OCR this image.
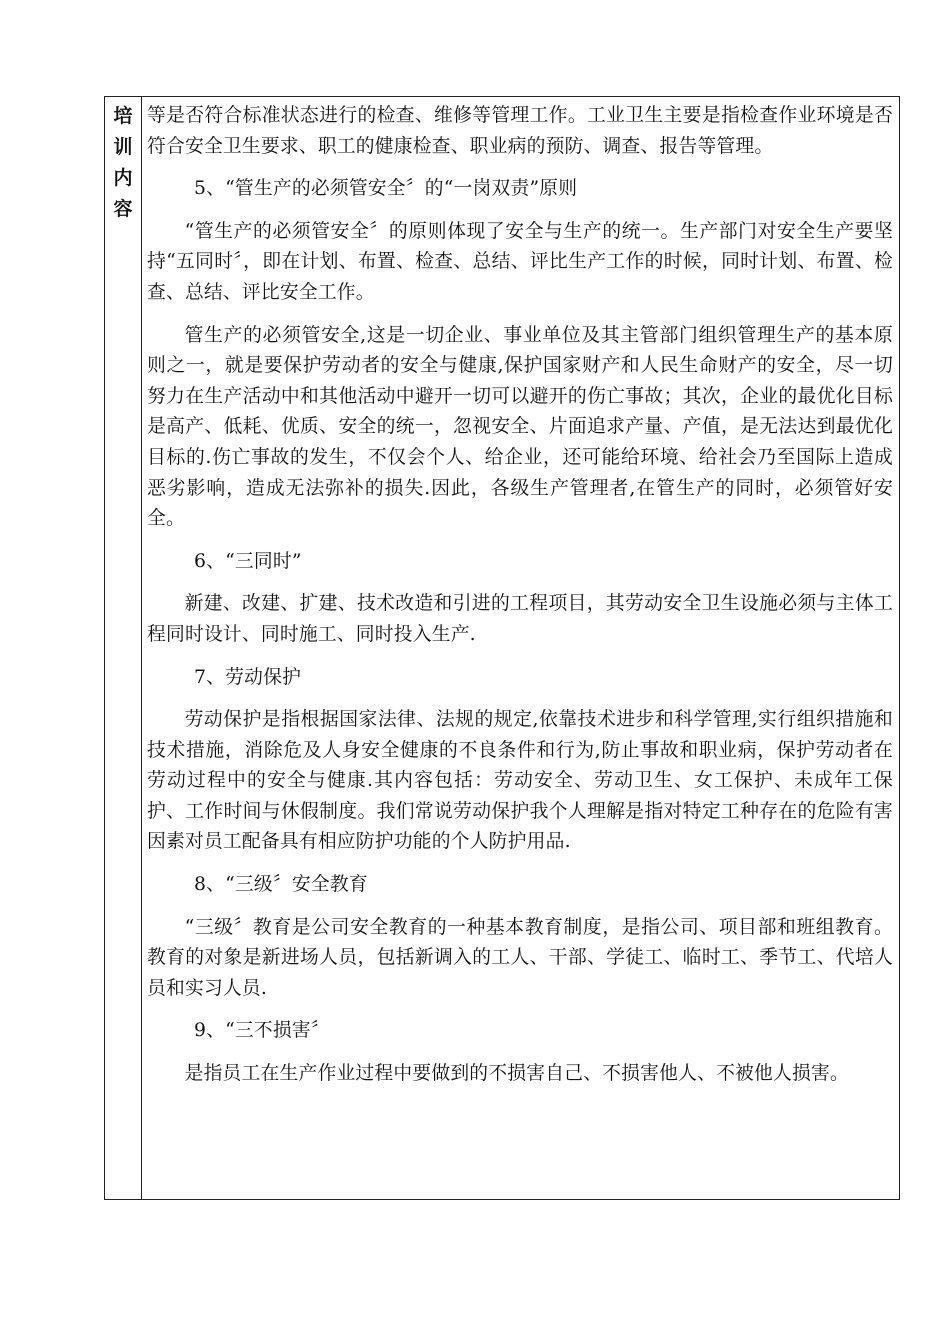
培
训
内
容

等是否符合标准状态进行的检查、维修等管理工作。工业卫生主要是指检查作业环境是否符合安全卫生要求、职工的健康检查、职业病的预防、调查、报告等管理。

5、“管生产的必须管安全〞的“一岗双责”原则

“管生产的必须管安全〞的原则体现了安全与生产的统一。生产部门对安全生产要坚持“五同时〞，即在计划、布置、检查、总结、评比生产工作的时候，同时计划、布置、检查、总结、评比安全工作。

管生产的必须管安全,这是一切企业、事业单位及其主管部门组织管理生产的基本原则之一，就是要保护劳动者的安全与健康,保护国家财产和人民生命财产的安全，尽一切努力在生产活动中和其他活动中避开一切可以避开的伤亡事故；其次，企业的最优化目标是高产、低耗、优质、安全的统一，忽视安全、片面追求产量、产值，是无法达到最优化目标的.伤亡事故的发生，不仅会个人、给企业，还可能给环境、给社会乃至国际上造成恶劣影响，造成无法弥补的损失.因此，各级生产管理者,在管生产的同时，必须管好安全。

6、“三同时”

新建、改建、扩建、技术改造和引进的工程项目，其劳动安全卫生设施必须与主体工程同时设计、同时施工、同时投入生产.

7、劳动保护

劳动保护是指根据国家法律、法规的规定,依靠技术进步和科学管理,实行组织措施和技术措施，消除危及人身安全健康的不良条件和行为,防止事故和职业病，保护劳动者在劳动过程中的安全与健康.其内容包括：劳动安全、劳动卫生、女工保护、未成年工保护、工作时间与休假制度。我们常说劳动保护我个人理解是指对特定工种存在的危险有害因素对员工配备具有相应防护功能的个人防护用品.

8、“三级〞安全教育

“三级〞教育是公司安全教育的一种基本教育制度，是指公司、项目部和班组教育。教育的对象是新进场人员，包括新调入的工人、干部、学徒工、临时工、季节工、代培人员和实习人员.

9、“三不损害〞

是指员工在生产作业过程中要做到的不损害自己、不损害他人、不被他人损害。
